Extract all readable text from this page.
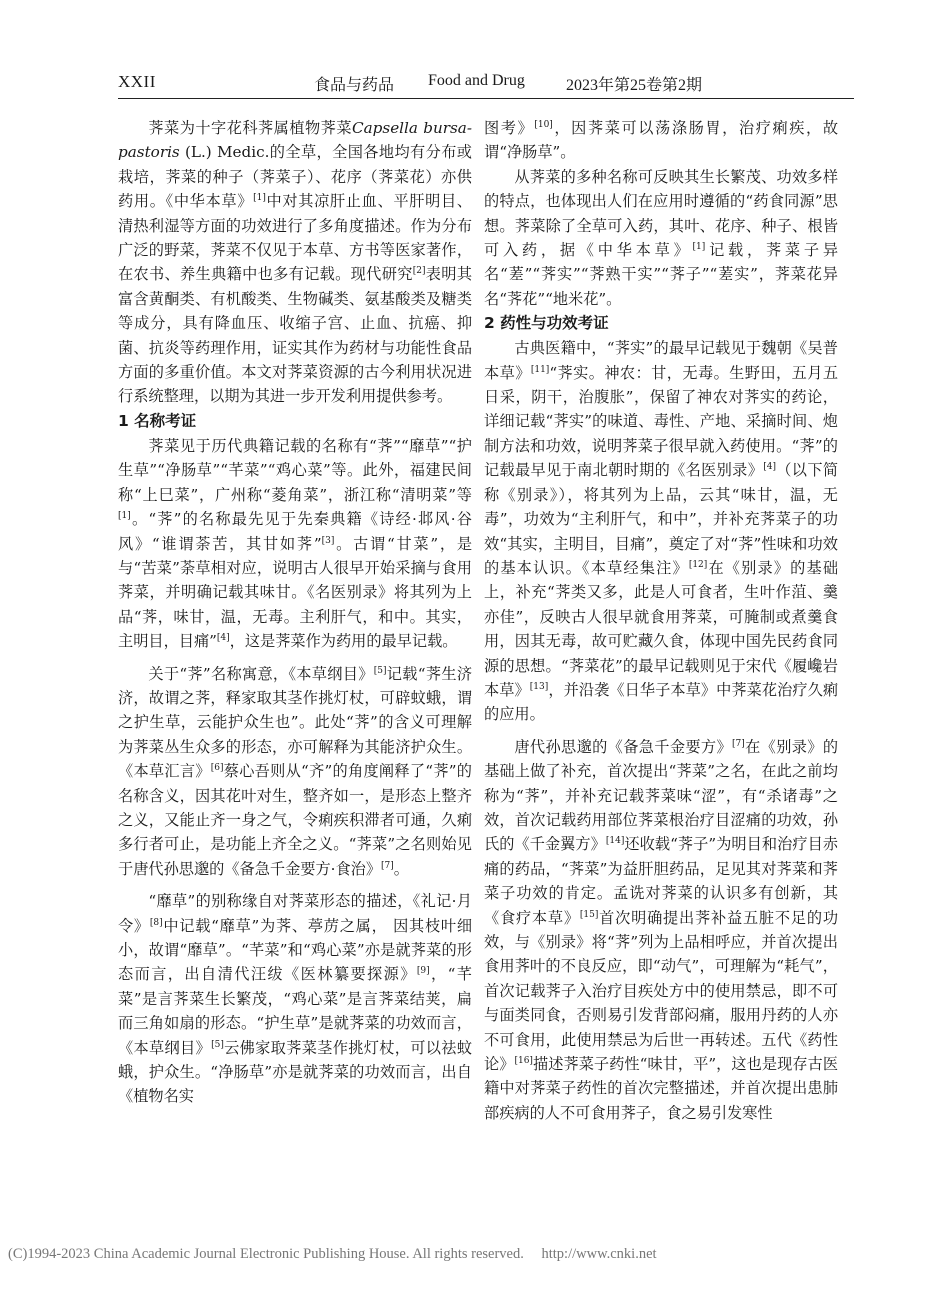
XXII	食品与药品 Food and Drug	2023年第25卷第2期

荠菜为十字花科荠属植物荠菜Capsella bursa-pastoris (L.) Medic.的全草，全国各地均有分布或栽培，荠菜的种子（荠菜子）、花序（荠菜花）亦供药用。《中华本草》[1]中对其凉肝止血、平肝明目、清热利湿等方面的功效进行了多角度描述。作为分布广泛的野菜，荠菜不仅见于本草、方书等医家著作，在农书、养生典籍中也多有记载。现代研究[2]表明其富含黄酮类、有机酸类、生物碱类、氨基酸类及糖类等成分，具有降血压、收缩子宫、止血、抗癌、抑菌、抗炎等药理作用，证实其作为药材与功能性食品方面的多重价值。本文对荠菜资源的古今利用状况进行系统整理，以期为其进一步开发利用提供参考。

1 名称考证

荠菜见于历代典籍记载的名称有“荠”“靡草”“护生草”“净肠草”“芊菜”“鸡心菜”等。此外，福建民间称“上巳菜”，广州称“菱角菜”，浙江称“清明菜”等[1]。“荠”的名称最先见于先秦典籍《诗经·邶风·谷风》“谁谓荼苦，其甘如荠”[3]。古谓“甘菜”，是与“苦菜”荼草相对应，说明古人很早开始采摘与食用荠菜，并明确记载其味甘。《名医别录》将其列为上品“荠，味甘，温，无毒。主利肝气，和中。其实，主明目，目痛”[4]，这是荠菜作为药用的最早记载。

关于“荠”名称寓意，《本草纲目》[5]记载“荠生济济，故谓之荠，释家取其茎作挑灯杖，可辟蚊蛾，谓之护生草，云能护众生也”。此处“荠”的含义可理解为荠菜丛生众多的形态，亦可解释为其能济护众生。《本草汇言》[6]蔡心吾则从“齐”的角度阐释了“荠”的名称含义，因其花叶对生，整齐如一，是形态上整齐之义，又能止齐一身之气，令痢疾积滞者可通，久痢多行者可止，是功能上齐全之义。“荠菜”之名则始见于唐代孙思邈的《备急千金要方·食治》[7]。

“靡草”的别称缘自对荠菜形态的描述，《礼记·月令》[8]中记载“靡草”为荠、葶苈之属， 因其枝叶细小，故谓“靡草”。“芊菜”和“鸡心菜”亦是就荠菜的形态而言，出自清代汪绂《医林纂要探源》[9]，“芊菜”是言荠菜生长繁茂，“鸡心菜”是言荠菜结荚，扁而三角如扇的形态。“护生草”是就荠菜的功效而言，《本草纲目》[5]云佛家取荠菜茎作挑灯杖，可以祛蚊蛾，护众生。“净肠草”亦是就荠菜的功效而言，出自《植物名实

图考》[10]，因荠菜可以荡涤肠胃，治疗痢疾，故谓“净肠草”。

从荠菜的多种名称可反映其生长繁茂、功效多样的特点，也体现出人们在应用时遵循的“药食同源”思想。荠菜除了全草可入药，其叶、花序、种子、根皆可入药，据《中华本草》[1]记载，荠菜子异名“蒫”“荠实”“荠熟干实”“荠子”“蒫实”，荠菜花异名“荠花”“地米花”。

2 药性与功效考证

古典医籍中，“荠实”的最早记载见于魏朝《吴普本草》[11]“荠实。神农：甘，无毒。生野田，五月五日采，阴干，治腹胀”，保留了神农对荠实的药论，详细记载“荠实”的味道、毒性、产地、采摘时间、炮制方法和功效，说明荠菜子很早就入药使用。“荠”的记载最早见于南北朝时期的《名医别录》[4]（以下简称《别录》），将其列为上品，云其“味甘，温，无毒”，功效为“主利肝气，和中”，并补充荠菜子的功效“其实，主明目，目痛”，奠定了对“荠”性味和功效的基本认识。《本草经集注》[12]在《别录》的基础上，补充“荠类又多，此是人可食者，生叶作菹、羹亦佳”，反映古人很早就食用荠菜，可腌制或煮羹食用，因其无毒，故可贮藏久食，体现中国先民药食同源的思想。“荠菜花”的最早记载则见于宋代《履巉岩本草》[13]，并沿袭《日华子本草》中荠菜花治疗久痢的应用。

唐代孙思邈的《备急千金要方》[7]在《别录》的基础上做了补充，首次提出“荠菜”之名，在此之前均称为“荠”，并补充记载荠菜味“涩”，有“杀诸毒”之效，首次记载药用部位荠菜根治疗目涩痛的功效，孙氏的《千金翼方》[14]还收载“荠子”为明目和治疗目赤痛的药品，“荠菜”为益肝胆药品，足见其对荠菜和荠菜子功效的肯定。孟诜对荠菜的认识多有创新，其《食疗本草》[15]首次明确提出荠补益五脏不足的功效，与《别录》将“荠”列为上品相呼应，并首次提出食用荠叶的不良反应，即“动气”，可理解为“耗气”，首次记载荠子入治疗目疾处方中的使用禁忌，即不可与面类同食，否则易引发背部闷痛，服用丹药的人亦不可食用，此使用禁忌为后世一再转述。五代《药性论》[16]描述荠菜子药性“味甘，平”，这也是现存古医籍中对荠菜子药性的首次完整描述，并首次提出患肺部疾病的人不可食用荠子，食之易引发寒性

(C)1994-2023 China Academic Journal Electronic Publishing House. All rights reserved. http://www.cnki.net
